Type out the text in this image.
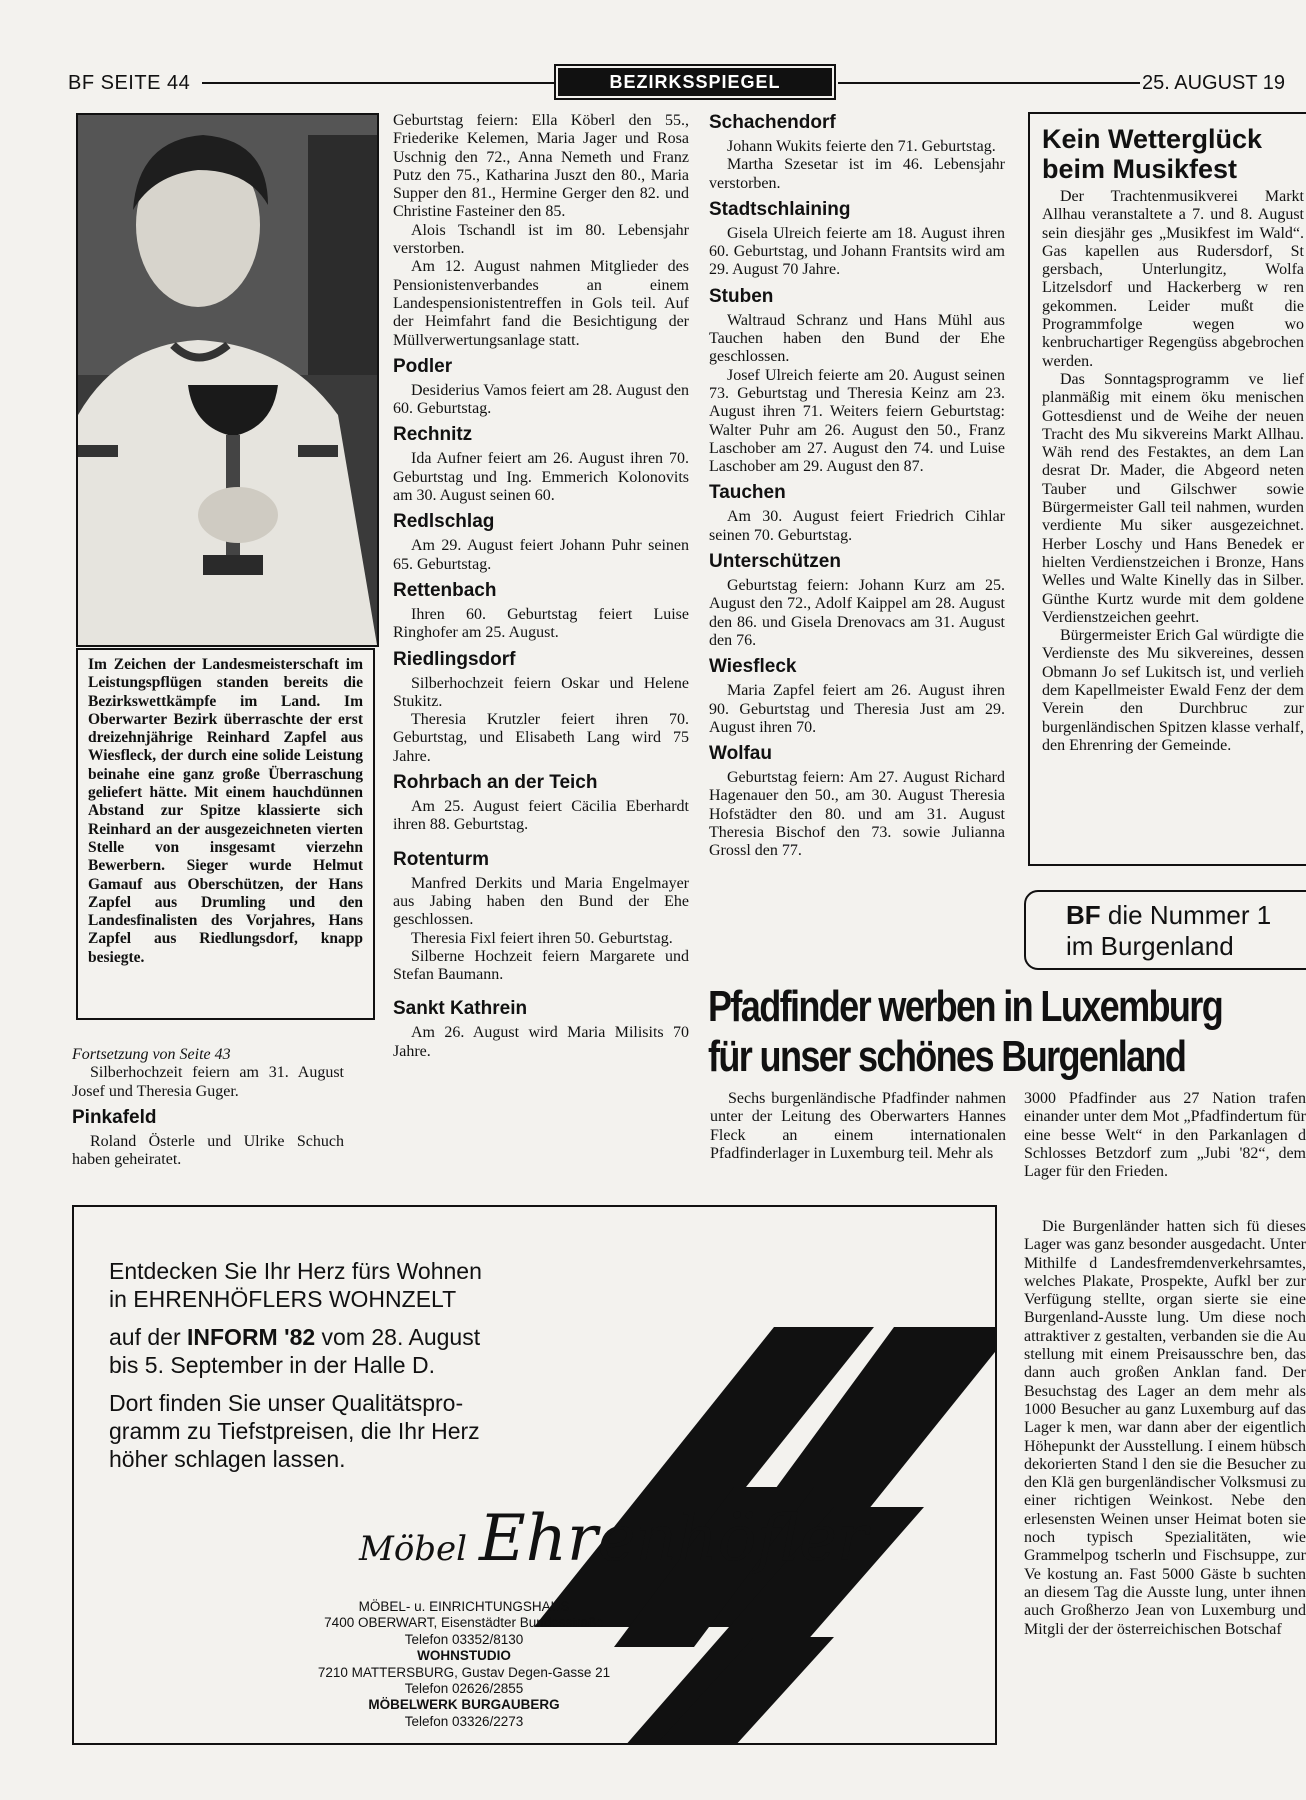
BF SEITE 44	BEZIRKSSPIEGEL	25. AUGUST 19
Im Zeichen der Landesmeisterschaft im Leistungspflügen standen bereits die Bezirkswettkämpfe im Land. Im Oberwarter Bezirk überraschte der erst dreizehnjährige Reinhard Zapfel aus Wiesfleck, der durch eine solide Leistung beinahe eine ganz große Überraschung geliefert hätte. Mit einem hauchdünnen Abstand zur Spitze klassierte sich Reinhard an der ausgezeichneten vierten Stelle von insgesamt vierzehn Bewerbern. Sieger wurde Helmut Gamauf aus Oberschützen, der Hans Zapfel aus Drumling und den Landesfinalisten des Vorjahres, Hans Zapfel aus Riedlungsdorf, knapp besiegte.

Fortsetzung von Seite 43

Silberhochzeit feiern am 31. August Josef und Theresia Guger.

Pinkafeld

Roland Österle und Ulrike Schuch haben geheiratet.

Geburtstag feiern: Ella Köberl den 55., Friederike Kelemen, Maria Jager und Rosa Uschnig den 72., Anna Nemeth und Franz Putz den 75., Katharina Juszt den 80., Maria Supper den 81., Hermine Gerger den 82. und Christine Fasteiner den 85.

Alois Tschandl ist im 80. Lebensjahr verstorben.

Am 12. August nahmen Mitglieder des Pensionistenverbandes an einem Landespensionistentreffen in Gols teil. Auf der Heimfahrt fand die Besichtigung der Müllverwertungsanlage statt.

Podler

Desiderius Vamos feiert am 28. August den 60. Geburtstag.

Rechnitz

Ida Aufner feiert am 26. August ihren 70. Geburtstag und Ing. Emmerich Kolonovits am 30. August seinen 60.

Redlschlag

Am 29. August feiert Johann Puhr seinen 65. Geburtstag.

Rettenbach

Ihren 60. Geburtstag feiert Luise Ringhofer am 25. August.

Riedlingsdorf

Silberhochzeit feiern Oskar und Helene Stukitz.

Theresia Krutzler feiert ihren 70. Geburtstag, und Elisabeth Lang wird 75 Jahre.

Rohrbach an der Teich

Am 25. August feiert Cäcilia Eberhardt ihren 88. Geburtstag.

Rotenturm

Manfred Derkits und Maria Engelmayer aus Jabing haben den Bund der Ehe geschlossen.

Theresia Fixl feiert ihren 50. Geburtstag.

Silberne Hochzeit feiern Margarete und Stefan Baumann.

Sankt Kathrein

Am 26. August wird Maria Milisits 70 Jahre.

Schachendorf

Johann Wukits feierte den 71. Geburtstag.

Martha Szesetar ist im 46. Lebensjahr verstorben.

Stadtschlaining

Gisela Ulreich feierte am 18. August ihren 60. Geburtstag, und Johann Frantsits wird am 29. August 70 Jahre.

Stuben

Waltraud Schranz und Hans Mühl aus Tauchen haben den Bund der Ehe geschlossen.

Josef Ulreich feierte am 20. August seinen 73. Geburtstag und Theresia Keinz am 23. August ihren 71. Weiters feiern Geburtstag: Walter Puhr am 26. August den 50., Franz Laschober am 27. August den 74. und Luise Laschober am 29. August den 87.

Tauchen

Am 30. August feiert Friedrich Cihlar seinen 70. Geburtstag.

Unterschützen

Geburtstag feiern: Johann Kurz am 25. August den 72., Adolf Kaippel am 28. August den 86. und Gisela Drenovacs am 31. August den 76.

Wiesfleck

Maria Zapfel feiert am 26. August ihren 90. Geburtstag und Theresia Just am 29. August ihren 70.

Wolfau

Geburtstag feiern: Am 27. August Richard Hagenauer den 50., am 30. August Theresia Hofstädter den 80. und am 31. August Theresia Bischof den 73. sowie Julianna Grossl den 77.

Kein Wetterglück beim Musikfest

Der Trachtenmusikverei Markt Allhau veranstaltete a 7. und 8. August sein diesjähr ges „Musikfest im Wald“. Gas kapellen aus Rudersdorf, St gersbach, Unterlungitz, Wolfa Litzelsdorf und Hackerberg w ren gekommen. Leider mußt die Programmfolge wegen wo kenbruchartiger Regengüss abgebrochen werden.

Das Sonntagsprogramm ve lief planmäßig mit einem öku menischen Gottesdienst und de Weihe der neuen Tracht des Mu sikvereins Markt Allhau. Wäh rend des Festaktes, an dem Lan desrat Dr. Mader, die Abgeord neten Tauber und Gilschwer sowie Bürgermeister Gall teil nahmen, wurden verdiente Mu siker ausgezeichnet. Herber Loschy und Hans Benedek er hielten Verdienstzeichen i Bronze, Hans Welles und Walte Kinelly das in Silber. Günthe Kurtz wurde mit dem goldene Verdienstzeichen geehrt.

Bürgermeister Erich Gal würdigte die Verdienste des Mu sikvereines, dessen Obmann Jo sef Lukitsch ist, und verlieh dem Kapellmeister Ewald Fenz der dem Verein den Durchbruc zur burgenländischen Spitzen klasse verhalf, den Ehrenring der Gemeinde.

BF die Nummer 1
im Burgenland
Pfadfinder werben in Luxemburg
für unser schönes Burgenland

Sechs burgenländische Pfadfinder nahmen unter der Leitung des Oberwarters Hannes Fleck an einem internationalen Pfadfinderlager in Luxemburg teil. Mehr als

3000 Pfadfinder aus 27 Nation trafen einander unter dem Mot „Pfadfindertum für eine besse Welt“ in den Parkanlagen d Schlosses Betzdorf zum „Jubi '82“, dem Lager für den Frieden.

Die Burgenländer hatten sich fü dieses Lager was ganz besonder ausgedacht. Unter Mithilfe d Landesfremdenverkehrsamtes, welches Plakate, Prospekte, Aufkl ber zur Verfügung stellte, organ sierte sie eine Burgenland-Ausste lung. Um diese noch attraktiver z gestalten, verbanden sie die Au stellung mit einem Preisausschre ben, das dann auch großen Anklan fand. Der Besuchstag des Lager an dem mehr als 1000 Besucher au ganz Luxemburg auf das Lager k men, war dann aber der eigentlich Höhepunkt der Ausstellung. I einem hübsch dekorierten Stand l den sie die Besucher zu den Klä gen burgenländischer Volksmusi zu einer richtigen Weinkost. Nebe den erlesensten Weinen unser Heimat boten sie noch typisch Spezialitäten, wie Grammelpog tscherln und Fischsuppe, zur Ve kostung an. Fast 5000 Gäste b suchten an diesem Tag die Ausste lung, unter ihnen auch Großherzo Jean von Luxemburg und Mitgli der der österreichischen Botschaf

Entdecken Sie Ihr Herz fürs Wohnen
in EHRENHÖFLERS WOHNZELT
auf der INFORM '82 vom 28. August
bis 5. September in der Halle D.
Dort finden Sie unser Qualitätspro-
gramm zu Tiefstpreisen, die Ihr Herz
höher schlagen lassen.
Möbel Ehrenhöfler
MÖBEL- u. EINRICHTUNGSHAUS
7400 OBERWART, Eisenstädter Bundesstraße
Telefon 03352/8130
WOHNSTUDIO
7210 MATTERSBURG, Gustav Degen-Gasse 21
Telefon 02626/2855
MÖBELWERK BURGAUBERG
Telefon 03326/2273
